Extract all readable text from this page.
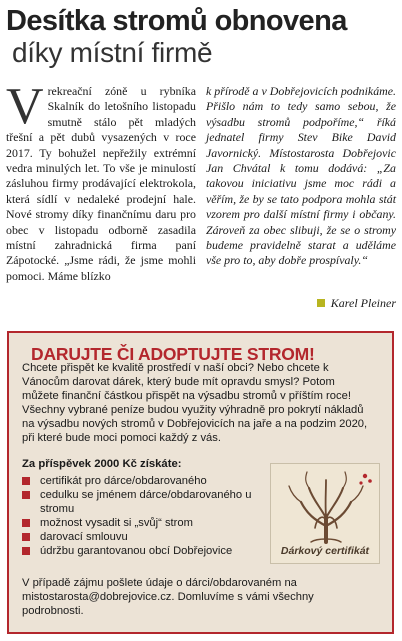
Desítka stromů obnovena
díky místní firmě
V rekreační zóně u rybníka Skalník do letošního listopadu smutně stálo pět mladých třešní a pět dubů vysazených v roce 2017. Ty bohužel nepřežily extrémní vedra minulých let. To vše je minulostí zásluhou firmy prodávající elektrokola, která sídlí v nedaleké prodejní hale. Nové stromy díky finančnímu daru pro obec v listopadu odborně zasadila místní zahradnická firma paní Zápotocké. „Jsme rádi, že jsme mohli pomoci. Máme blízko

k přírodě a v Dobřejovicích podnikáme. Přišlo nám to tedy samo sebou, že výsadbu stromů podpoříme,“ říká jednatel firmy Stev Bike David Javornický. Místostarosta Dobřejovic Jan Chvátal k tomu dodává: „Za takovou iniciativu jsme moc rádi a věřím, že by se tato podpora mohla stát vzorem pro další místní firmy i občany. Zároveň za obec slibuji, že se o stromy budeme pravidelně starat a uděláme vše pro to, aby dobře prospívaly.“

Karel Pleiner
DARUJTE ČI ADOPTUJTE STROM!

Chcete přispět ke kvalitě prostředí v naší obci? Nebo chcete k Vánocům darovat dárek, který bude mít opravdu smysl? Potom můžete finanční částkou přispět na výsadbu stromů v příštím roce!

Všechny vybrané peníze budou využity výhradně pro pokrytí nákladů na výsadbu nových stromů v Dobřejovicích na jaře a na podzim 2020, při které bude moci pomoci každý z vás.

Za příspěvek 2000 Kč získáte:

certifikát pro dárce/obdarovaného
cedulku se jménem dárce/obdarovaného u stromu
možnost vysadit si „svůj“ strom
darovací smlouvu
údržbu garantovanou obcí Dobřejovice	Dárkový certifikát

V případě zájmu pošlete údaje o dárci/obdarovaném na mistostarosta@dobrejovice.cz. Domluvíme s vámi všechny podrobnosti.
